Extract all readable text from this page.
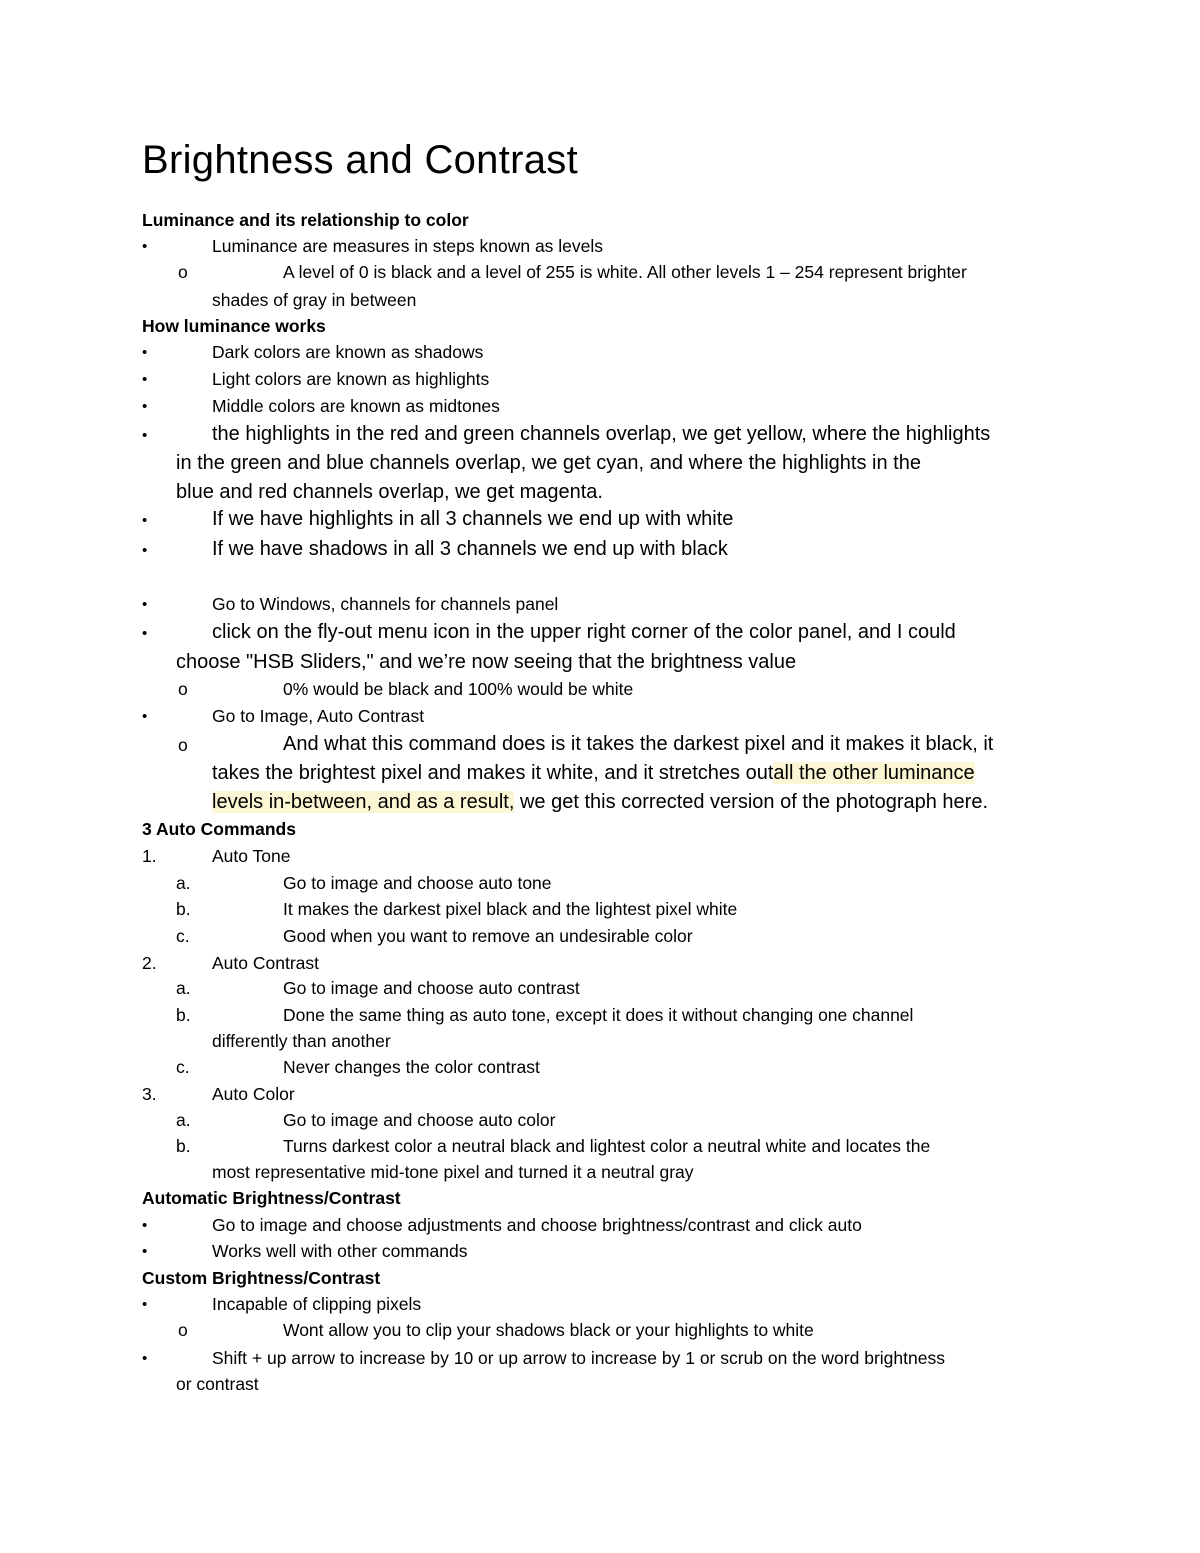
Brightness and Contrast
Luminance and its relationship to color
•	Luminance are measures in steps known as levels
o	A level of 0 is black and a level of 255 is white. All other levels 1 – 254 represent brighter
shades of gray in between
How luminance works
•	Dark colors are known as shadows
•	Light colors are known as highlights
•	Middle colors are known as midtones
•	the highlights in the red and green channels overlap, we get yellow, where the highlights
in the green and blue channels overlap, we get cyan, and where the highlights in the
blue and red channels overlap, we get magenta.
•	If we have highlights in all 3 channels we end up with white
•	If we have shadows in all 3 channels we end up with black
•	Go to Windows, channels for channels panel
•	click on the fly-out menu icon in the upper right corner of the color panel, and I could
choose "HSB Sliders," and we’re now seeing that the brightness value
o	0% would be black and 100% would be white
•	Go to Image, Auto Contrast
o	And what this command does is it takes the darkest pixel and it makes it black, it
takes the brightest pixel and makes it white, and it stretches outall the other luminance
levels in-between, and as a result, we get this corrected version of the photograph here.
3 Auto Commands
1.	Auto Tone
a.	Go to image and choose auto tone
b.	It makes the darkest pixel black and the lightest pixel white
c.	Good when you want to remove an undesirable color
2.	Auto Contrast
a.	Go to image and choose auto contrast
b.	Done the same thing as auto tone, except it does it without changing one channel
differently than another
c.	Never changes the color contrast
3.	Auto Color
a.	Go to image and choose auto color
b.	Turns darkest color a neutral black and lightest color a neutral white and locates the
most representative mid-tone pixel and turned it a neutral gray
Automatic Brightness/Contrast
•	Go to image and choose adjustments and choose brightness/contrast and click auto
•	Works well with other commands
Custom Brightness/Contrast
•	Incapable of clipping pixels
o	Wont allow you to clip your shadows black or your highlights to white
•	Shift + up arrow to increase by 10 or up arrow to increase by 1 or scrub on the word brightness
or contrast
